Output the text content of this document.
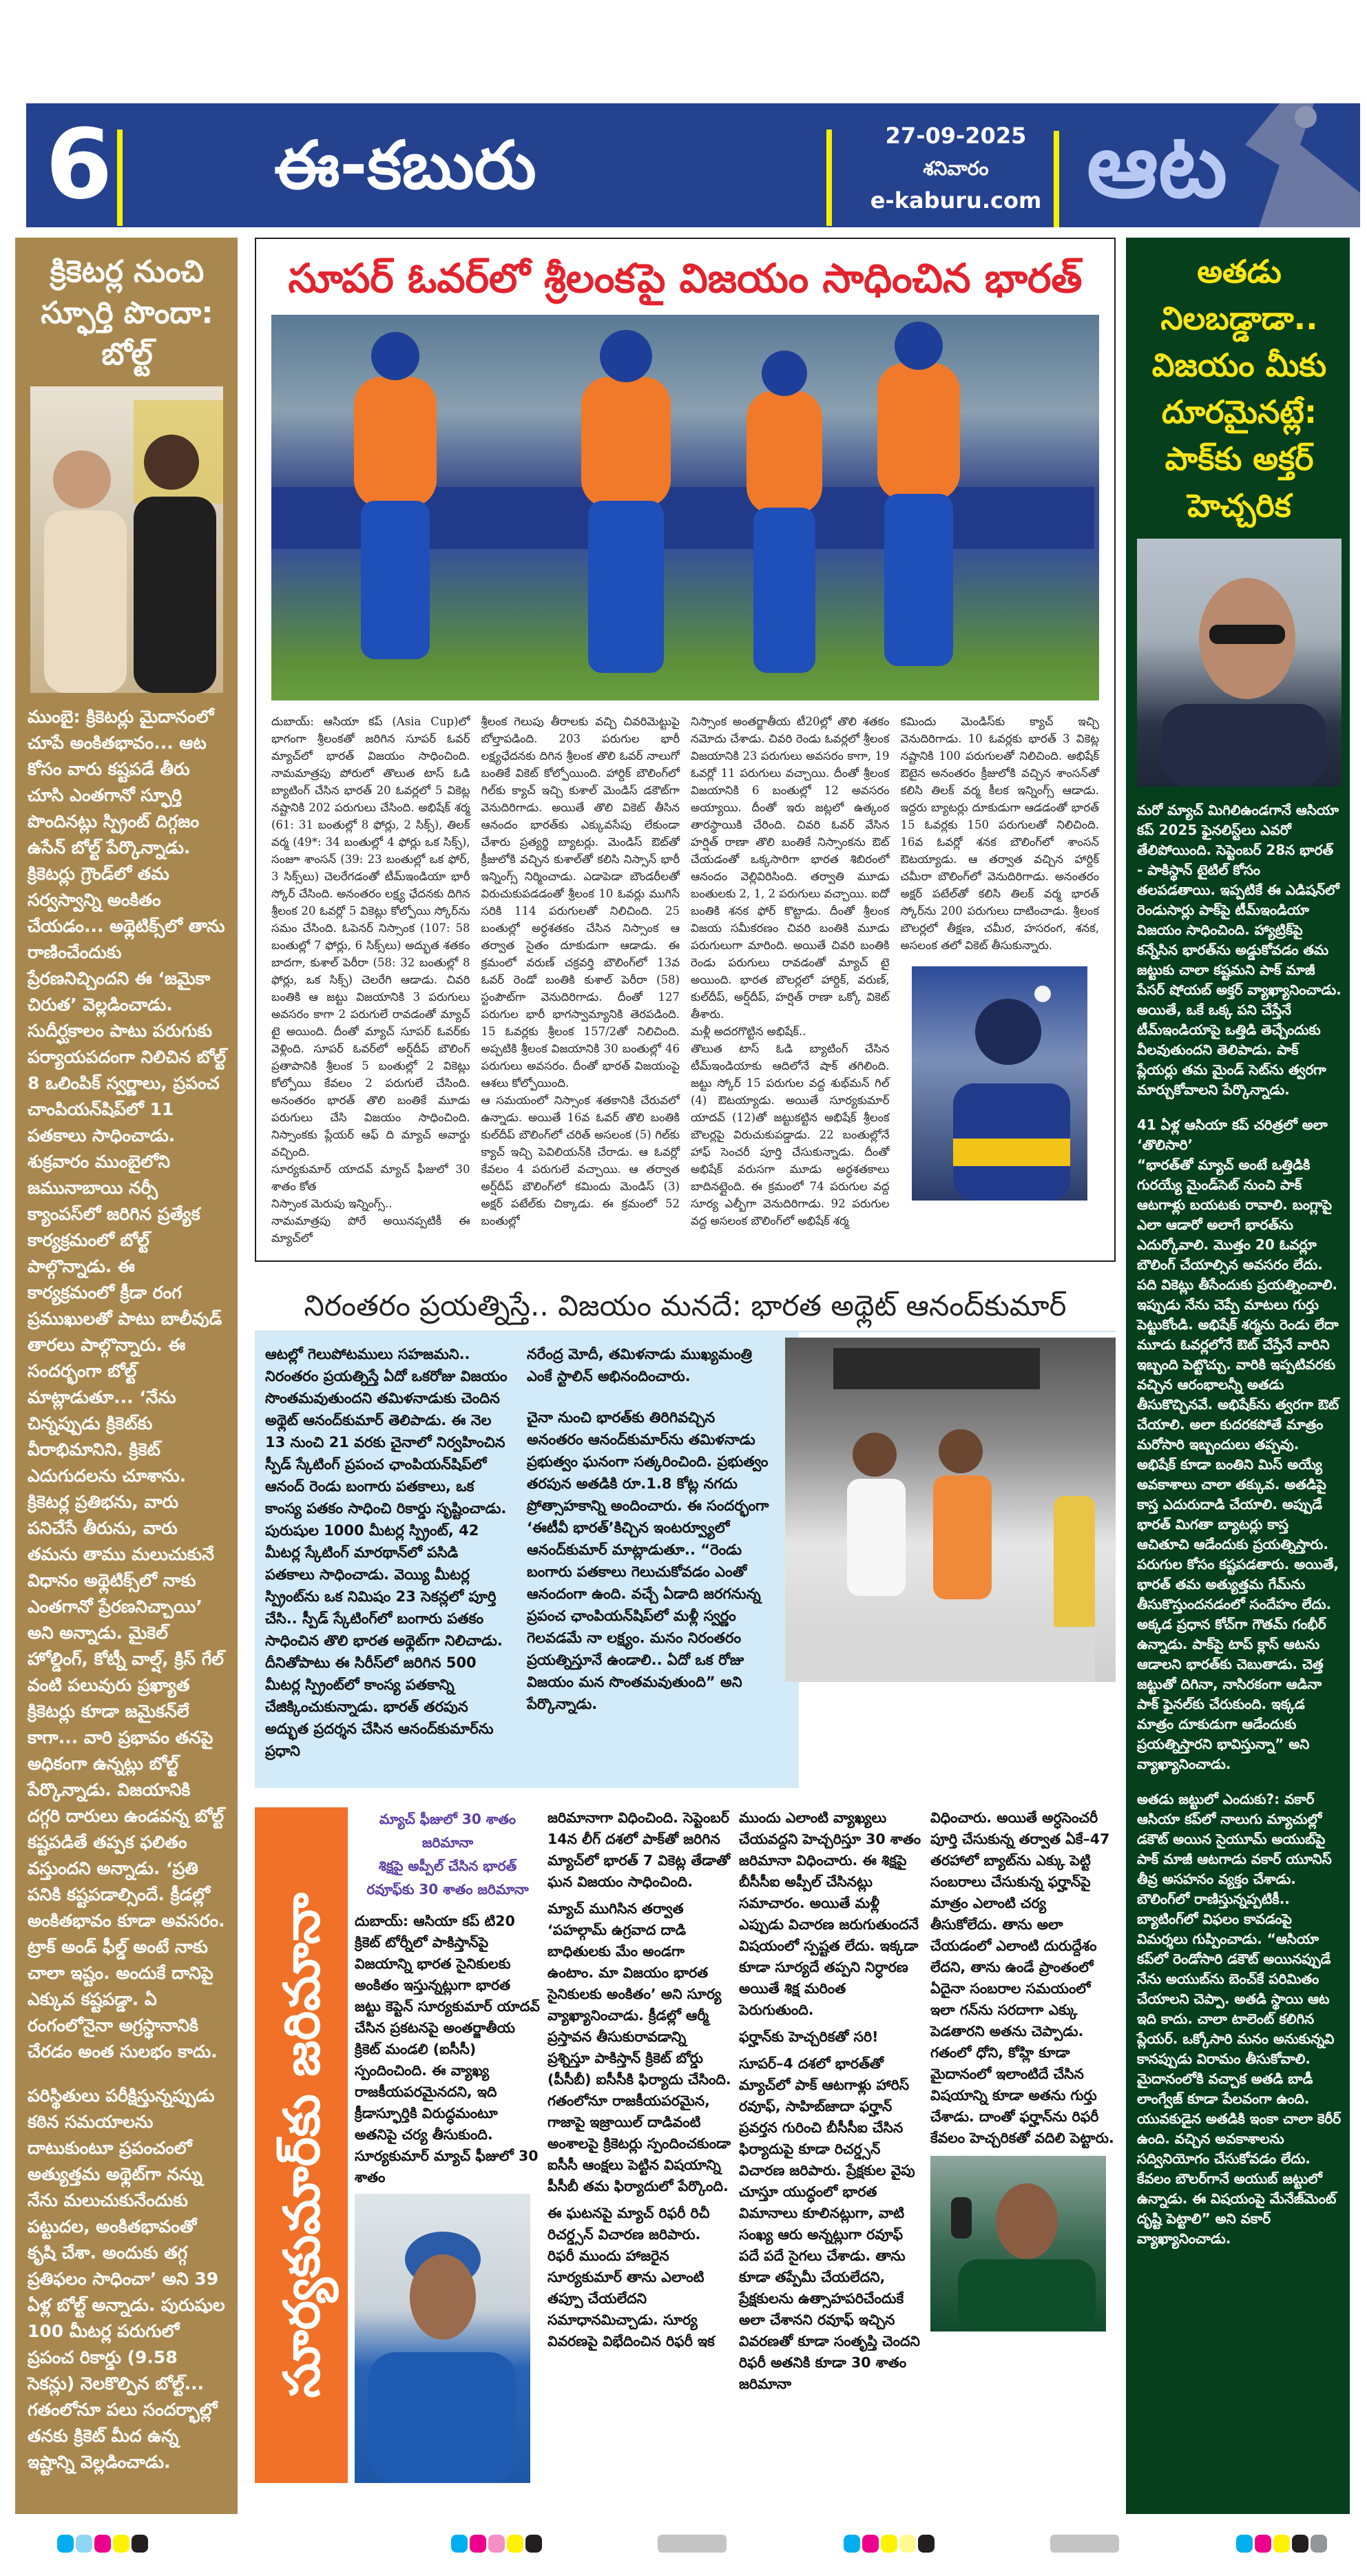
6 ఈ-కబురు	27-09-2025
శనివారం
e-kaburu.com ఆట
క్రికెటర్ల నుంచి స్ఫూర్తి పొందా: బోల్ట్

ముంబై: క్రికెటర్లు మైదానంలో చూపే అంకితభావం... ఆట కోసం వారు కష్టపడే తీరు చూసి ఎంతగానో స్ఫూర్తి పొందినట్లు స్ప్రింట్ దిగ్గజం ఉసేన్ బోల్ట్ పేర్కొన్నాడు. క్రికెటర్లు గ్రౌండ్‌లో తమ సర్వస్వాన్ని అంకితం చేయడం... అథ్లెటిక్స్‌లో తాను రాణించేందుకు ప్రేరణనిచ్చిందని ఈ ‘జమైకా చిరుత’ వెల్లడించాడు. సుదీర్ఘకాలం పాటు పరుగుకు పర్యాయపదంగా నిలిచిన బోల్ట్ 8 ఒలింపిక్ స్వర్ణాలు, ప్రపంచ చాంపియన్‌షిప్‌లో 11 పతకాలు సాధించాడు. శుక్రవారం ముంబైలోని జమునాబాయి నర్సీ క్యాంపస్‌లో జరిగిన ప్రత్యేక కార్యక్రమంలో బోల్ట్ పాల్గొన్నాడు. ఈ కార్యక్రమంలో క్రీడా రంగ ప్రముఖులతో పాటు బాలీవుడ్ తారలు పాల్గొన్నారు. ఈ సందర్భంగా బోల్ట్ మాట్లాడుతూ... ‘నేను చిన్నప్పుడు క్రికెట్‌కు వీరాభిమానిని. క్రికెట్ ఎదుగుదలను చూశాను. క్రికెటర్ల ప్రతిభను, వారు పనిచేసే తీరును, వారు తమను తాము మలుచుకునే విధానం అథ్లెటిక్స్‌లో నాకు ఎంతగానో ప్రేరణనిచ్చాయి’ అని అన్నాడు. మైకెల్ హోల్డింగ్, కోట్నీ వాల్ష్, క్రిస్ గేల్ వంటి పలువురు ప్రఖ్యాత క్రికెటర్లు కూడా జమైకన్‌లే కాగా... వారి ప్రభావం తనపై అధికంగా ఉన్నట్లు బోల్ట్ పేర్కొన్నాడు. విజయానికి దగ్గరి దారులు ఉండవన్న బోల్ట్ కష్టపడితే తప్పక ఫలితం వస్తుందని అన్నాడు. ‘ప్రతి పనికి కష్టపడాల్సిందే. క్రీడల్లో అంకితభావం కూడా అవసరం. ట్రాక్ అండ్ ఫీల్డ్ అంటే నాకు చాలా ఇష్టం. అందుకే దానిపై ఎక్కువ కష్టపడ్డా. ఏ రంగంలోనైనా అగ్రస్థానానికి చేరడం అంత సులభం కాదు.

పరిస్థితులు పరీక్షిస్తున్నప్పుడు కఠిన సమయాలను దాటుకుంటూ ప్రపంచంలో అత్యుత్తమ అథ్లెట్‌గా నన్ను నేను మలుచుకునేందుకు పట్టుదల, అంకితభావంతో కృషి చేశా. అందుకు తగ్గ ప్రతిఫలం సాధించా’ అని 39 ఏళ్ల బోల్ట్ అన్నాడు. పురుషుల 100 మీటర్ల పరుగులో ప్రపంచ రికార్డు (9.58 సెకన్లు) నెలకొల్పిన బోల్ట్... గతంలోనూ పలు సందర్భాల్లో తనకు క్రికెట్ మీద ఉన్న ఇష్టాన్ని వెల్లడించాడు.

సూపర్ ఓవర్‌లో శ్రీలంకపై విజయం సాధించిన భారత్

దుబాయ్: ఆసియా కప్ (Asia Cup)లో భాగంగా శ్రీలంకతో జరిగిన సూపర్ ఓవర్ మ్యాచ్‌లో భారత్ విజయం సాధించింది. నామమాత్రపు పోరులో తొలుత టాస్ ఓడి బ్యాటింగ్ చేసిన భారత్ 20 ఓవర్లలో 5 వికెట్ల నష్టానికి 202 పరుగులు చేసింది. అభిషేక్ శర్మ (61: 31 బంతుల్లో 8 ఫోర్లు, 2 సిక్స్), తిలక్ వర్మ (49*: 34 బంతుల్లో 4 ఫోర్లు ఒక సిక్స్), సంజూ శాంసన్ (39: 23 బంతుల్లో ఒక ఫోర్, 3 సిక్స్‌లు) చెలరేగడంతో టీమ్ఇండియా భారీ స్కోర్ చేసింది. అనంతరం లక్ష్య ఛేదనకు దిగిన శ్రీలంక 20 ఓవర్లో 5 వికెట్లు కోల్పోయి స్కోర్‌ను సమం చేసింది. ఓపెనర్ నిస్సాంక (107: 58 బంతుల్లో 7 ఫోర్లు, 6 సిక్స్‌లు) అద్భుత శతకం బాదగా, కుశాల్ పెరీరా (58: 32 బంతుల్లో 8 ఫోర్లు, ఒక సిక్స్) చెలరేగి ఆడాడు. చివరి బంతికి ఆ జట్టు విజయానికి 3 పరుగులు అవసరం కాగా 2 పరుగులే రావడంతో మ్యాచ్ టై అయింది. దీంతో మ్యాచ్ సూపర్ ఓవర్‌కు వెళ్లింది. సూపర్ ఓవర్‌లో అర్ష్‌దీప్ బౌలింగ్ ప్రతాపానికి శ్రీలంక 5 బంతుల్లో 2 వికెట్లు కోల్పోయి కేవలం 2 పరుగులే చేసింది. అనంతరం భారత్ తొలి బంతికే మూడు పరుగులు చేసి విజయం సాధించింది. నిస్సాంకకు ప్లేయర్ ఆఫ్ ది మ్యాచ్ అవార్డు వచ్చింది.

సూర్యకుమార్ యాదవ్ మ్యాచ్ ఫీజులో 30 శాతం కోత

నిస్సాంక మెరుపు ఇన్నింగ్స్..

నామమాత్రపు పోరే అయినప్పటికీ ఈ మ్యాచ్‌లో

శ్రీలంక గెలుపు తీరాలకు వచ్చి చివరిమెట్టుపై బోల్తాపడింది. 203 పరుగుల భారీ లక్ష్యఛేదనకు దిగిన శ్రీలంక తొలి ఓవర్ నాలుగో బంతికే వికెట్ కోల్పోయింది. హార్దిక్ బౌలింగ్‌లో గిల్‌కు క్యాచ్ ఇచ్చి కుశాల్ మెండిస్ డకౌట్‌గా వెనుదిరిగాడు. అయితే తొలి వికెట్ తీసిన ఆనందం భారత్‌కు ఎక్కువసేపు లేకుండా చేశారు ప్రత్యర్థి బ్యాటర్లు. మెండిస్ ఔట్‌తో క్రీజులోకి వచ్చిన కుశాల్‌తో కలిసి నిస్సాన్ భారీ ఇన్నింగ్స్ నిర్మించాడు. ఎడాపెడా బౌండరీలతో విరుచుకుపడడంతో శ్రీలంక 10 ఓవర్లు ముగిసే సరికి 114 పరుగులతో నిలిచింది. 25 బంతుల్లో అర్ధశతకం చేసిన నిస్సాంక ఆ తర్వాత సైతం దూకుడుగా ఆడాడు. ఈ క్రమంలో వరుణ్ చక్రవర్తి బౌలింగ్‌లో 13వ ఓవర్ రెండో బంతికి కుశాల్ పెరీరా (58) స్టంపౌట్‌గా వెనుదిరిగాడు. దీంతో 127 పరుగుల భారీ భాగస్వామ్యానికి తెరపడింది. 15 ఓవర్లకు శ్రీలంక 157/2తో నిలిచింది. అప్పటికి శ్రీలంక విజయానికి 30 బంతుల్లో 46 పరుగులు అవసరం. దీంతో భారత్ విజయంపై ఆశలు కోల్పోయింది.

ఆ సమయంలో నిస్సాంక శతకానికి చేరువలో ఉన్నాడు. అయితే 16వ ఓవర్ తొలి బంతికి కుల్‌దీప్ బౌలింగ్‌లో చరిత్ అసలంక (5) గిల్‌కు క్యాచ్ ఇచ్చి పెవిలియన్‌కి చేరాడు. ఆ ఓవర్లో కేవలం 4 పరుగులే వచ్చాయి. ఆ తర్వాత అర్ష్‌దీప్ బౌలింగ్‌లో కమిందు మెండిస్ (3) అక్షర్ పటేల్‌కు చిక్కాడు. ఈ క్రమంలో 52 బంతుల్లో

నిస్సాంక అంతర్జాతీయ టీ20ల్లో తొలి శతకం నమోదు చేశాడు. చివరి రెండు ఓవర్లలో శ్రీలంక విజయానికి 23 పరుగులు అవసరం కాగా, 19 ఓవర్లో 11 పరుగులు వచ్చాయి. దీంతో శ్రీలంక విజయానికి 6 బంతుల్లో 12 అవసరం అయ్యాయి. దీంతో ఇరు జట్లలో ఉత్కంఠ తారస్థాయికి చేరింది. చివరి ఓవర్ వేసిన హర్షిత్ రాణా తొలి బంతికే నిస్సాంకను ఔట్ చేయడంతో ఒక్కసారిగా భారత శిబిరంలో ఆనందం వెల్లివిరిసింది. తర్వాతి మూడు బంతులకు 2, 1, 2 పరుగులు వచ్చాయి. ఐదో బంతికి శనక ఫోర్ కొట్టాడు. దీంతో శ్రీలంక విజయ సమీకరణం చివరి బంతికి మూడు పరుగులుగా మారింది. అయితే చివరి బంతికి రెండు పరుగులు రావడంతో మ్యాచ్ టై అయింది. భారత బౌలర్లలో హార్దిక్, వరుణ్, కుల్‌దీప్, అర్ష్‌దీప్, హర్షిత్ రాణా ఒక్కో వికెట్ తీశారు.

మళ్లీ అదరగొట్టిన అభిషేక్..

తొలుత టాస్ ఓడి బ్యాటింగ్ చేసిన టీమ్ఇండియాకు ఆదిలోనే షాక్ తగిలింది. జట్టు స్కోర్ 15 పరుగుల వద్ద శుభ్‌మన్ గిల్ (4) ఔటయ్యాడు. అయితే సూర్యకుమార్ యాదవ్ (12)తో జట్టుకట్టిన అభిషేక్ శ్రీలంక బౌలర్లపై విరుచుకుపడ్డాడు. 22 బంతుల్లోనే హాఫ్ సెంచరీ పూర్తి చేసుకున్నాడు. దీంతో అభిషేక్ వరుసగా మూడు అర్ధశతకాలు బాదినట్లైంది. ఈ క్రమంలో 74 పరుగుల వద్ద సూర్య ఎల్బీగా వెనుదిరిగాడు. 92 పరుగుల వద్ద అసలంక బౌలింగ్‌లో అభిషేక్ శర్మ

కమిందు మెండిస్‌కు క్యాచ్ ఇచ్చి వెనుదిరిగాడు. 10 ఓవర్లకు భారత్ 3 వికెట్ల నష్టానికి 100 పరుగులతో నిలిచింది. అభిషేక్ ఔటైన అనంతరం క్రీజులోకి వచ్చిన శాంసన్‌తో కలిసి తిలక్ వర్మ కీలక ఇన్నింగ్స్ ఆడాడు. ఇద్దరు బ్యాటర్లు దూకుడుగా ఆడడంతో భారత్ 15 ఓవర్లకు 150 పరుగులతో నిలిచింది. 16వ ఓవర్లో శనక బౌలింగ్‌లో శాంసన్ ఔటయ్యాడు. ఆ తర్వాత వచ్చిన హార్దిక్ చమీరా బౌలింగ్‌లో వెనుదిరిగాడు. అనంతరం అక్షర్ పటేల్‌తో కలిసి తిలక్ వర్మ భారత్ స్కోర్‌ను 200 పరుగులు దాటించాడు. శ్రీలంక బౌలర్లలో తీక్షణ, చమీర, హసరంగ, శనక, అసలంక తలో వికెట్ తీసుకున్నారు.

నిరంతరం ప్రయత్నిస్తే.. విజయం మనదే: భారత అథ్లెట్ ఆనంద్‌కుమార్

ఆటల్లో గెలుపోటములు సహజమని.. నిరంతరం ప్రయత్నిస్తే ఏదో ఒకరోజు విజయం సొంతమవుతుందని తమిళనాడుకు చెందిన అథ్లెట్ ఆనంద్‌కుమార్ తెలిపాడు. ఈ నెల 13 నుంచి 21 వరకు చైనాలో నిర్వహించిన స్పీడ్ స్కేటింగ్ ప్రపంచ ఛాంపియన్‌షిప్‌లో ఆనంద్ రెండు బంగారు పతకాలు, ఒక కాంస్య పతకం సాధించి రికార్డు సృష్టించాడు. పురుషుల 1000 మీటర్ల స్ప్రింట్, 42 మీటర్ల స్కేటింగ్ మారథాన్‌లో పసిడి పతకాలు సాధించాడు. వెయ్యి మీటర్ల స్ప్రింట్‌ను ఒక నిమిషం 23 సెకన్లలో పూర్తి చేసి.. స్పీడ్ స్కేటింగ్‌లో బంగారు పతకం సాధించిన తొలి భారత అథ్లెట్‌గా నిలిచాడు. దీనితోపాటు ఈ సిరీస్‌లో జరిగిన 500 మీటర్ల స్ప్రింట్‌లో కాంస్య పతకాన్ని చేజిక్కించుకున్నాడు. భారత్ తరపున అద్భుత ప్రదర్శన చేసిన ఆనంద్‌కుమార్‌ను ప్రధాని

నరేంద్ర మోదీ, తమిళనాడు ముఖ్యమంత్రి ఎంకే స్టాలిన్ అభినందించారు.

చైనా నుంచి భారత్‌కు తిరిగివచ్చిన అనంతరం ఆనంద్‌కుమార్‌ను తమిళనాడు ప్రభుత్వం ఘనంగా సత్కరించింది. ప్రభుత్వం తరపున అతడికి రూ.1.8 కోట్ల నగదు ప్రోత్సాహకాన్ని అందించారు. ఈ సందర్భంగా ‘ఈటీవీ భారత్’కిచ్చిన ఇంటర్వ్యూలో ఆనంద్‌కుమార్ మాట్లాడుతూ.. “రెండు బంగారు పతకాలు గెలుచుకోవడం ఎంతో ఆనందంగా ఉంది. వచ్చే ఏడాది జరగనున్న ప్రపంచ ఛాంపియన్‌షిప్‌లో మళ్లీ స్వర్ణం గెలవడమే నా లక్ష్యం. మనం నిరంతరం ప్రయత్నిస్తూనే ఉండాలి.. ఏదో ఒక రోజు విజయం మన సొంతమవుతుంది” అని పేర్కొన్నాడు.

సూర్యకుమార్‌కు జరిమానా
మ్యాచ్ ఫీజులో 30 శాతం జరిమానా
శిక్షపై అప్పీల్ చేసిన భారత్
రవూఫ్‌కు 30 శాతం జరిమానా

దుబాయ్: ఆసియా కప్ టి20 క్రికెట్ టోర్నీలో పాకిస్తాన్‌పై విజయాన్ని భారత సైనికులకు అంకితం ఇస్తున్నట్లుగా భారత జట్టు కెప్టెన్ సూర్యకుమార్ యాదవ్ చేసిన ప్రకటనపై అంతర్జాతీయ క్రికెట్ మండలి (ఐసీసీ) స్పందించింది. ఈ వ్యాఖ్య రాజకీయపరమైనదని, ఇది క్రీడాస్ఫూర్తికి విరుద్ధమంటూ అతనిపై చర్య తీసుకుంది. సూర్యకుమార్ మ్యాచ్ ఫీజులో 30 శాతం

జరిమానాగా విధించింది. సెప్టెంబర్ 14న లీగ్ దశలో పాక్‌తో జరిగిన మ్యాచ్‌లో భారత్ 7 వికెట్ల తేడాతో ఘన విజయం సాధించింది.

మ్యాచ్ ముగిసిన తర్వాత ‘పహల్గామ్ ఉగ్రవాద దాడి బాధితులకు మేం అండగా ఉంటాం. మా విజయం భారత సైనికులకు అంకితం’ అని సూర్య వ్యాఖ్యానించాడు. క్రీడల్లో ఆర్మీ ప్రస్తావన తీసుకురావడాన్ని ప్రశ్నిస్తూ పాకిస్తాన్ క్రికెట్ బోర్డు (పీసీబీ) ఐసీసీకి ఫిర్యాదు చేసింది. గతంలోనూ రాజకీయపరమైన, గాజాపై ఇజ్రాయిల్ దాడివంటి అంశాలపై క్రికెటర్లు స్పందించకుండా ఐసీసీ ఆంక్షలు పెట్టిన విషయాన్ని పీసీబీ తమ ఫిర్యాదులో పేర్కొంది.

ఈ ఘటనపై మ్యాచ్ రిఫరీ రిచీ రిచర్డ్సన్ విచారణ జరిపారు. రిఫరీ ముందు హాజరైన సూర్యకుమార్ తాను ఎలాంటి తప్పూ చేయలేదని సమాధానమిచ్చాడు. సూర్య వివరణపై విభేదించిన రిఫరీ ఇక

ముందు ఎలాంటి వ్యాఖ్యలు చేయవద్దని హెచ్చరిస్తూ 30 శాతం జరిమానా విధించారు. ఈ శిక్షపై బీసీసీఐ అప్పీల్ చేసినట్లు సమాచారం. అయితే మళ్లీ ఎప్పుడు విచారణ జరుగుతుందనే విషయంలో స్పష్టత లేదు. ఇక్కడా కూడా సూర్యదే తప్పని నిర్ధారణ అయితే శిక్ష మరింత పెరుగుతుంది.

ఫర్హాన్‌కు హెచ్చరికతో సరి!

సూపర్–4 దశలో భారత్‌తో మ్యాచ్‌లో పాక్ ఆటగాళ్లు హారిస్ రవూఫ్, సాహిబ్‌జాదా ఫర్హాన్ ప్రవర్తన గురించి బీసీసీఐ చేసిన ఫిర్యాదుపై కూడా రిచర్డ్సన్ విచారణ జరిపారు. ప్రేక్షకుల వైపు చూస్తూ యుద్ధంలో భారత విమానాలు కూలినట్లుగా, వాటి సంఖ్య ఆరు అన్నట్లుగా రవూఫ్ పదే పదే సైగలు చేశాడు. తాను కూడా తప్పేమీ చేయలేదని, ప్రేక్షకులను ఉత్సాహపరిచేందుకే అలా చేశానని రవూఫ్ ఇచ్చిన వివరణతో కూడా సంతృప్తి చెందని రిఫరీ అతనికి కూడా 30 శాతం జరిమానా

విధించారు. అయితే అర్ధసెంచరీ పూర్తి చేసుకున్న తర్వాత ఏకే–47 తరహాలో బ్యాట్‌ను ఎక్కు పెట్టి సంబరాలు చేసుకున్న ఫర్హాన్‌పై మాత్రం ఎలాంటి చర్య తీసుకోలేదు. తాను అలా చేయడంలో ఎలాంటి దురుద్దేశం లేదని, తాను ఉండే ప్రాంతంలో ఏదైనా సంబరాల సమయంలో ఇలా గన్‌ను సరదాగా ఎక్కు పెడతారని అతను చెప్పాడు. గతంలో ధోని, కోహ్లి కూడా మైదానంలో ఇలాంటిదే చేసిన విషయాన్ని కూడా అతను గుర్తు చేశాడు. దాంతో ఫర్హాన్‌ను రిఫరీ కేవలం హెచ్చరికతో వదిలి పెట్టారు.

అతడు నిలబడ్డాడా.. విజయం మీకు దూరమైనట్లే: పాక్‌కు అక్తర్ హెచ్చరిక

మరో మ్యాచ్ మిగిలిఉండగానే ఆసియా కప్ 2025 ఫైనలిస్ట్‌లు ఎవరో తేలిపోయింది. సెప్టెంబర్ 28న భారత్ - పాకిస్థాన్ టైటిల్ కోసం తలపడతాయి. ఇప్పటికే ఈ ఎడిషన్‌లో రెండుసార్లు పాక్‌పై టీమ్ఇండియా విజయం సాధించింది. హ్యాట్రిక్‌పై కన్నేసిన భారత్‌ను అడ్డుకోవడం తమ జట్టుకు చాలా కష్టమని పాక్ మాజీ పేసర్ షోయబ్ అక్తర్ వ్యాఖ్యానించాడు. అయితే, ఒకే ఒక్క పని చేస్తేనే టీమ్ఇండియాపై ఒత్తిడి తెచ్చేందుకు వీలవుతుందని తెలిపాడు. పాక్ ప్లేయర్లు తమ మైండ్ సెట్‌ను త్వరగా మార్చుకోవాలని పేర్కొన్నాడు.

41 ఏళ్ల ఆసియా కప్ చరిత్రలో అలా ‘తొలిసారి’

“భారత్‌తో మ్యాచ్ అంటే ఒత్తిడికి గురయ్యే మైండ్‌సెట్ నుంచి పాక్ ఆటగాళ్లు బయటకు రావాలి. బంగ్లాపై ఎలా ఆడారో అలాగే భారత్‌ను ఎదుర్కోవాలి. మొత్తం 20 ఓవర్లూ బౌలింగ్ చేయాల్సిన అవసరం లేదు. పది వికెట్లు తీసేందుకు ప్రయత్నించాలి. ఇప్పుడు నేను చెప్పే మాటలు గుర్తు పెట్టుకోండి. అభిషేక్ శర్మను రెండు లేదా మూడు ఓవర్లలోనే ఔట్ చేస్తేనే వారిని ఇబ్బంది పెట్టొచ్చు. వారికి ఇప్పటివరకు వచ్చిన ఆరంభాలన్నీ అతడు తీసుకొచ్చినవే. అభిషేక్‌ను త్వరగా ఔట్ చేయాలి. అలా కుదరకపోతే మాత్రం మరోసారి ఇబ్బందులు తప్పవు. అభిషేక్ కూడా బంతిని మిస్ అయ్యే అవకాశాలు చాలా తక్కువ. అతడిపై కాస్త ఎదురుదాడి చేయాలి. అప్పుడే భారత్ మిగతా బ్యాటర్లు కాస్త ఆచితూచి ఆడేందుకు ప్రయత్నిస్తారు. పరుగుల కోసం కష్టపడతారు. అయితే, భారత్ తమ అత్యుత్తమ గేమ్‌ను తీసుకొస్తుందనడంలో సందేహం లేదు. అక్కడ ప్రధాన కోచ్‌గా గౌతమ్ గంభీర్ ఉన్నాడు. పాక్‌పై టాప్ క్లాస్ ఆటను ఆడాలని భారత్‌కు చెబుతాడు. చెత్త జట్టుతో దిగినా, నాసిరకంగా ఆడినా పాక్ ఫైనల్‌కు చేరుకుంది. ఇక్కడ మాత్రం దూకుడుగా ఆడేందుకు ప్రయత్నిస్తారని భావిస్తున్నా” అని వ్యాఖ్యానించాడు.

అతడు జట్టులో ఎందుకు?: వకార్

ఆసియా కప్‌లో నాలుగు మ్యాచుల్లో డకౌట్ అయిన సైయూమ్ అయుబ్‌పై పాక్ మాజీ ఆటగాడు వకార్ యూనిస్ తీవ్ర అసహనం వ్యక్తం చేశాడు. బౌలింగ్‌లో రాణిస్తున్నప్పటికీ.. బ్యాటింగ్‌లో విఫలం కావడంపై విమర్శలు గుప్పించాడు. “ఆసియా కప్‌లో రెండోసారి డకౌట్ అయినప్పుడే నేను అయుబ్‌ను బెంచ్‌కే పరిమితం చేయాలని చెప్పా. అతడి స్థాయి ఆట ఇది కాదు. చాలా టాలెంట్ కలిగిన ప్లేయర్. ఒక్కోసారి మనం అనుకున్నవి కానప్పుడు విరామం తీసుకోవాలి. మైదానంలోకి వచ్చాక అతడి బాడీ లాంగ్వేజ్ కూడా పేలవంగా ఉంది. యువకుడైన అతడికి ఇంకా చాలా కెరీర్ ఉంది. వచ్చిన అవకాశాలను సద్వినియోగం చేసుకోవడం లేదు. కేవలం బౌలర్‌గానే అయుబ్ జట్టులో ఉన్నాడు. ఈ విషయంపై మేనేజ్‌మెంట్ దృష్టి పెట్టాలి” అని వకార్ వ్యాఖ్యానించాడు.
